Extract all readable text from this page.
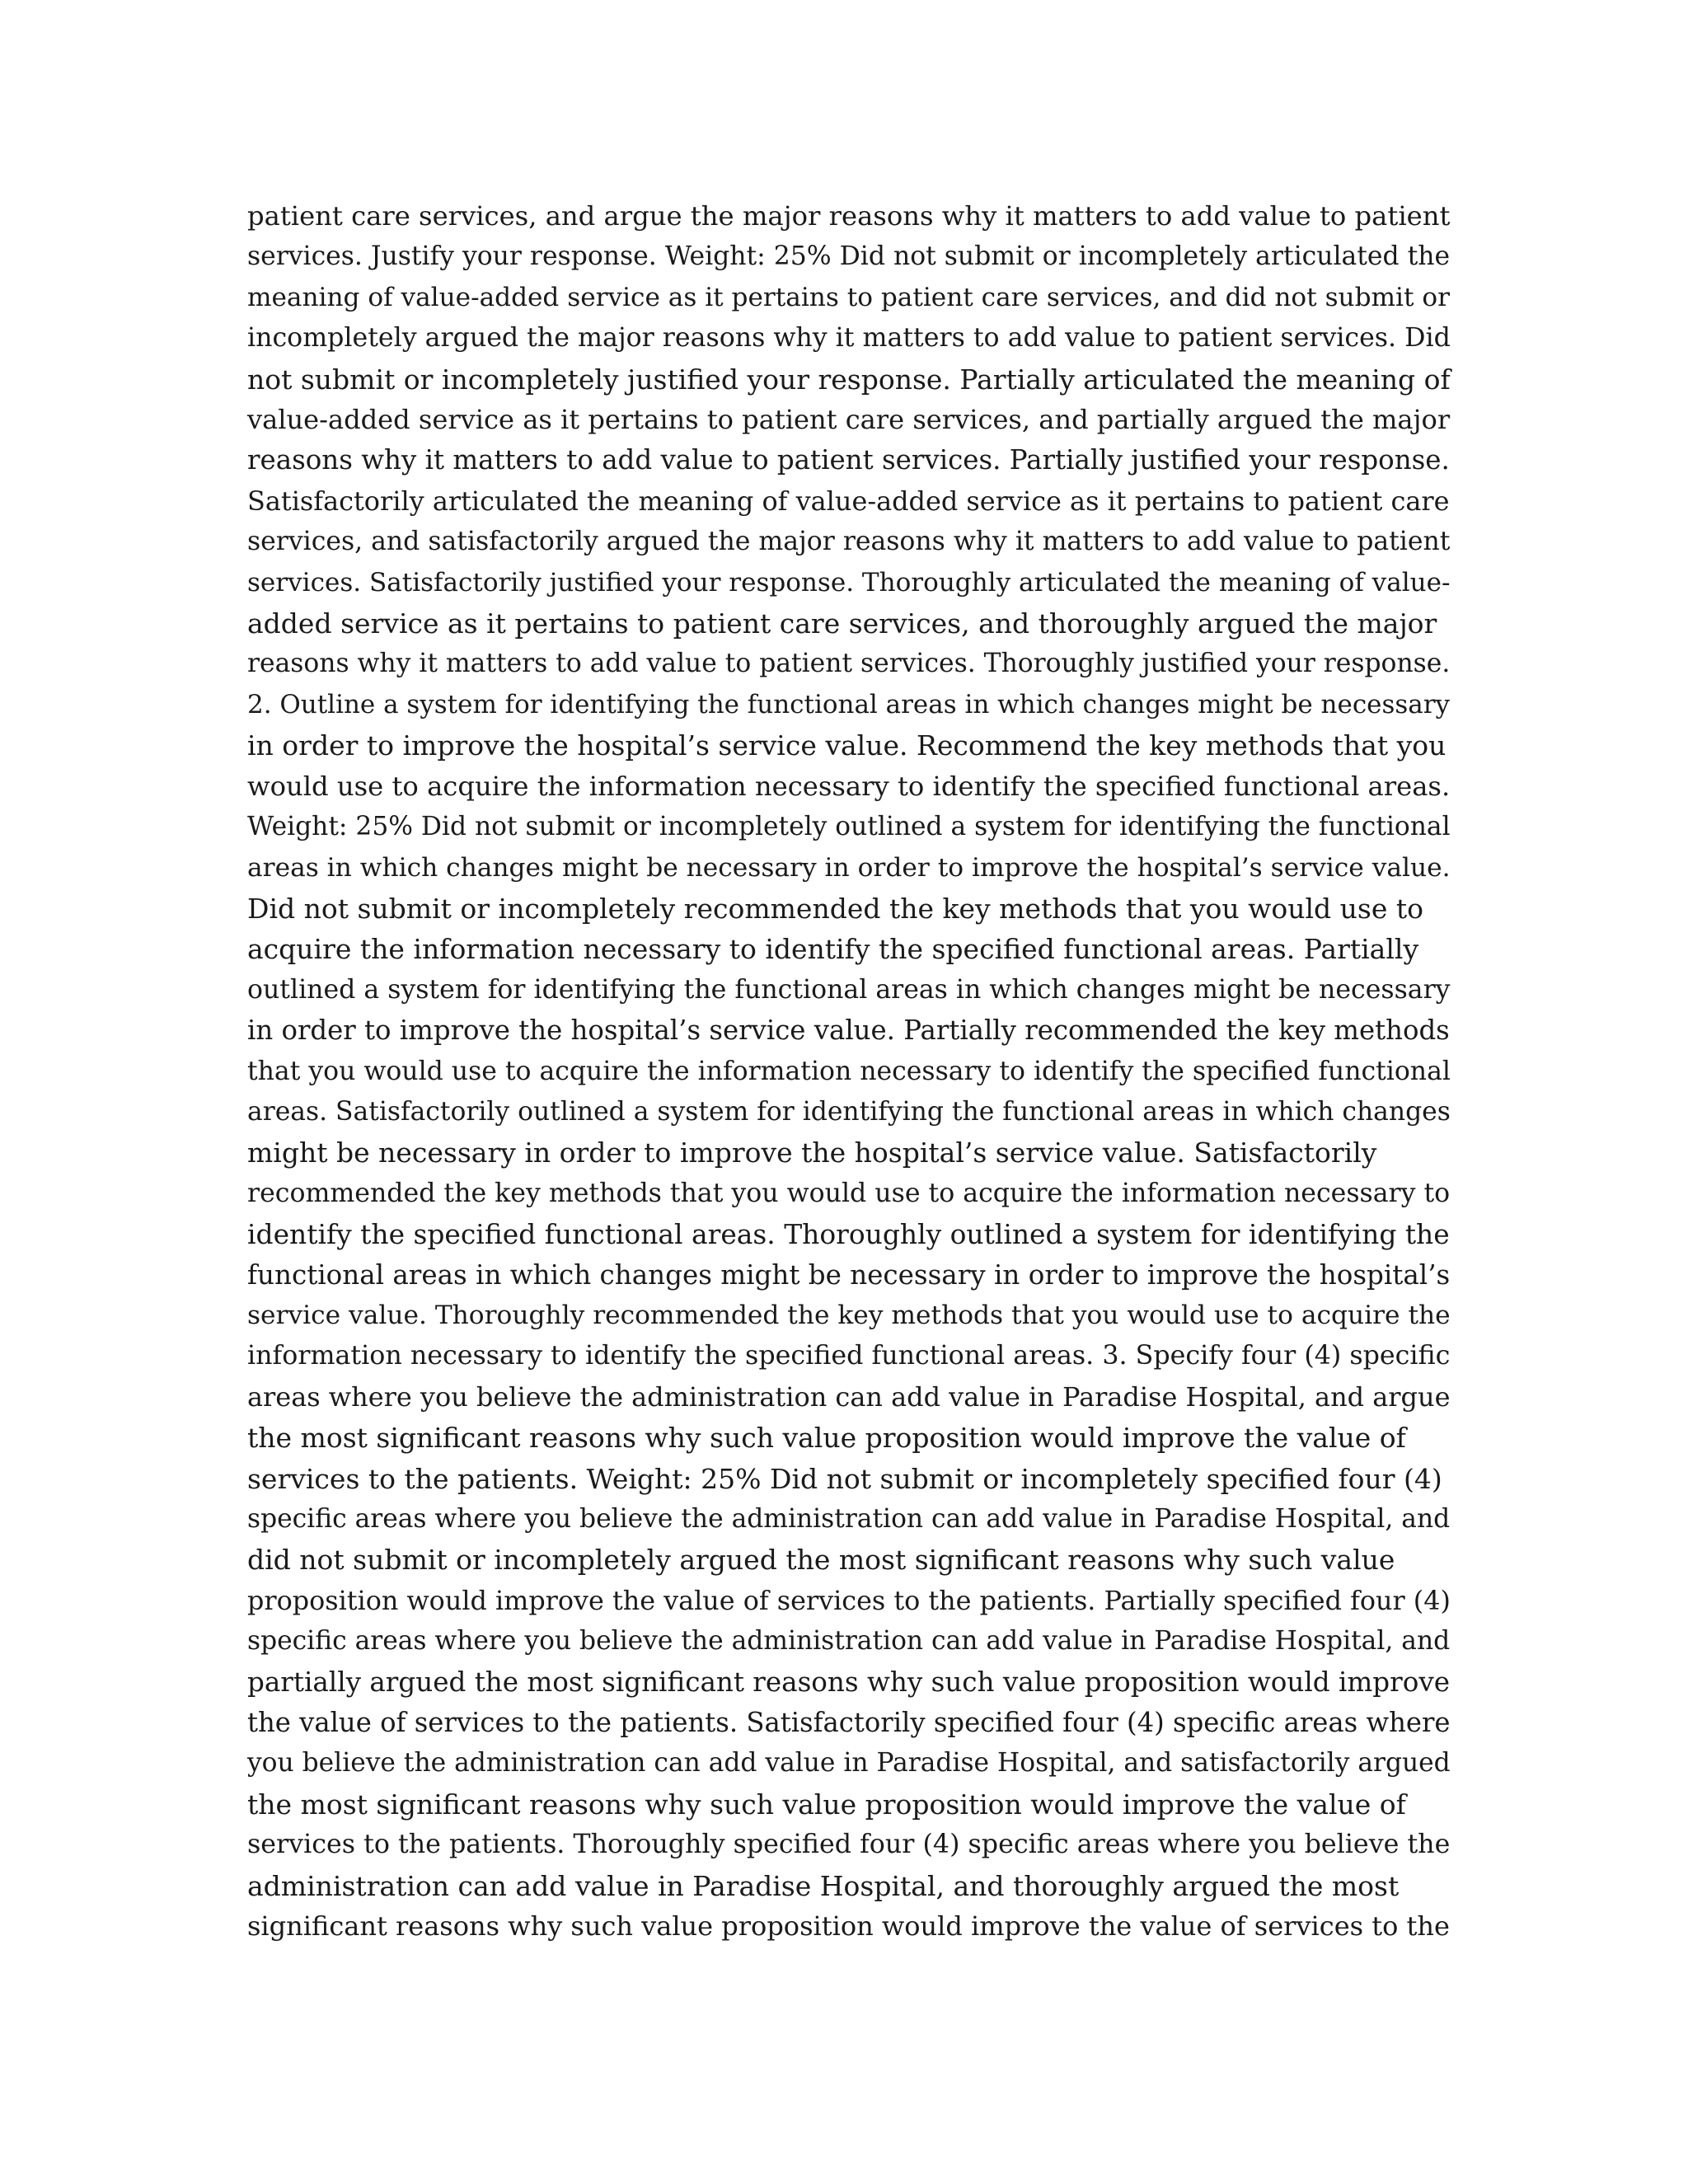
patient care services, and argue the major reasons why it matters to add value to patient
services. Justify your response. Weight: 25% Did not submit or incompletely articulated the
meaning of value-added service as it pertains to patient care services, and did not submit or
incompletely argued the major reasons why it matters to add value to patient services. Did
not submit or incompletely justified your response. Partially articulated the meaning of
value-added service as it pertains to patient care services, and partially argued the major
reasons why it matters to add value to patient services. Partially justified your response.
Satisfactorily articulated the meaning of value-added service as it pertains to patient care
services, and satisfactorily argued the major reasons why it matters to add value to patient
services. Satisfactorily justified your response. Thoroughly articulated the meaning of value-
added service as it pertains to patient care services, and thoroughly argued the major
reasons why it matters to add value to patient services. Thoroughly justified your response.
2. Outline a system for identifying the functional areas in which changes might be necessary
in order to improve the hospital’s service value. Recommend the key methods that you
would use to acquire the information necessary to identify the specified functional areas.
Weight: 25% Did not submit or incompletely outlined a system for identifying the functional
areas in which changes might be necessary in order to improve the hospital’s service value.
Did not submit or incompletely recommended the key methods that you would use to
acquire the information necessary to identify the specified functional areas. Partially
outlined a system for identifying the functional areas in which changes might be necessary
in order to improve the hospital’s service value. Partially recommended the key methods
that you would use to acquire the information necessary to identify the specified functional
areas. Satisfactorily outlined a system for identifying the functional areas in which changes
might be necessary in order to improve the hospital’s service value. Satisfactorily
recommended the key methods that you would use to acquire the information necessary to
identify the specified functional areas. Thoroughly outlined a system for identifying the
functional areas in which changes might be necessary in order to improve the hospital’s
service value. Thoroughly recommended the key methods that you would use to acquire the
information necessary to identify the specified functional areas. 3. Specify four (4) specific
areas where you believe the administration can add value in Paradise Hospital, and argue
the most significant reasons why such value proposition would improve the value of
services to the patients. Weight: 25% Did not submit or incompletely specified four (4)
specific areas where you believe the administration can add value in Paradise Hospital, and
did not submit or incompletely argued the most significant reasons why such value
proposition would improve the value of services to the patients. Partially specified four (4)
specific areas where you believe the administration can add value in Paradise Hospital, and
partially argued the most significant reasons why such value proposition would improve
the value of services to the patients. Satisfactorily specified four (4) specific areas where
you believe the administration can add value in Paradise Hospital, and satisfactorily argued
the most significant reasons why such value proposition would improve the value of
services to the patients. Thoroughly specified four (4) specific areas where you believe the
administration can add value in Paradise Hospital, and thoroughly argued the most
significant reasons why such value proposition would improve the value of services to the
